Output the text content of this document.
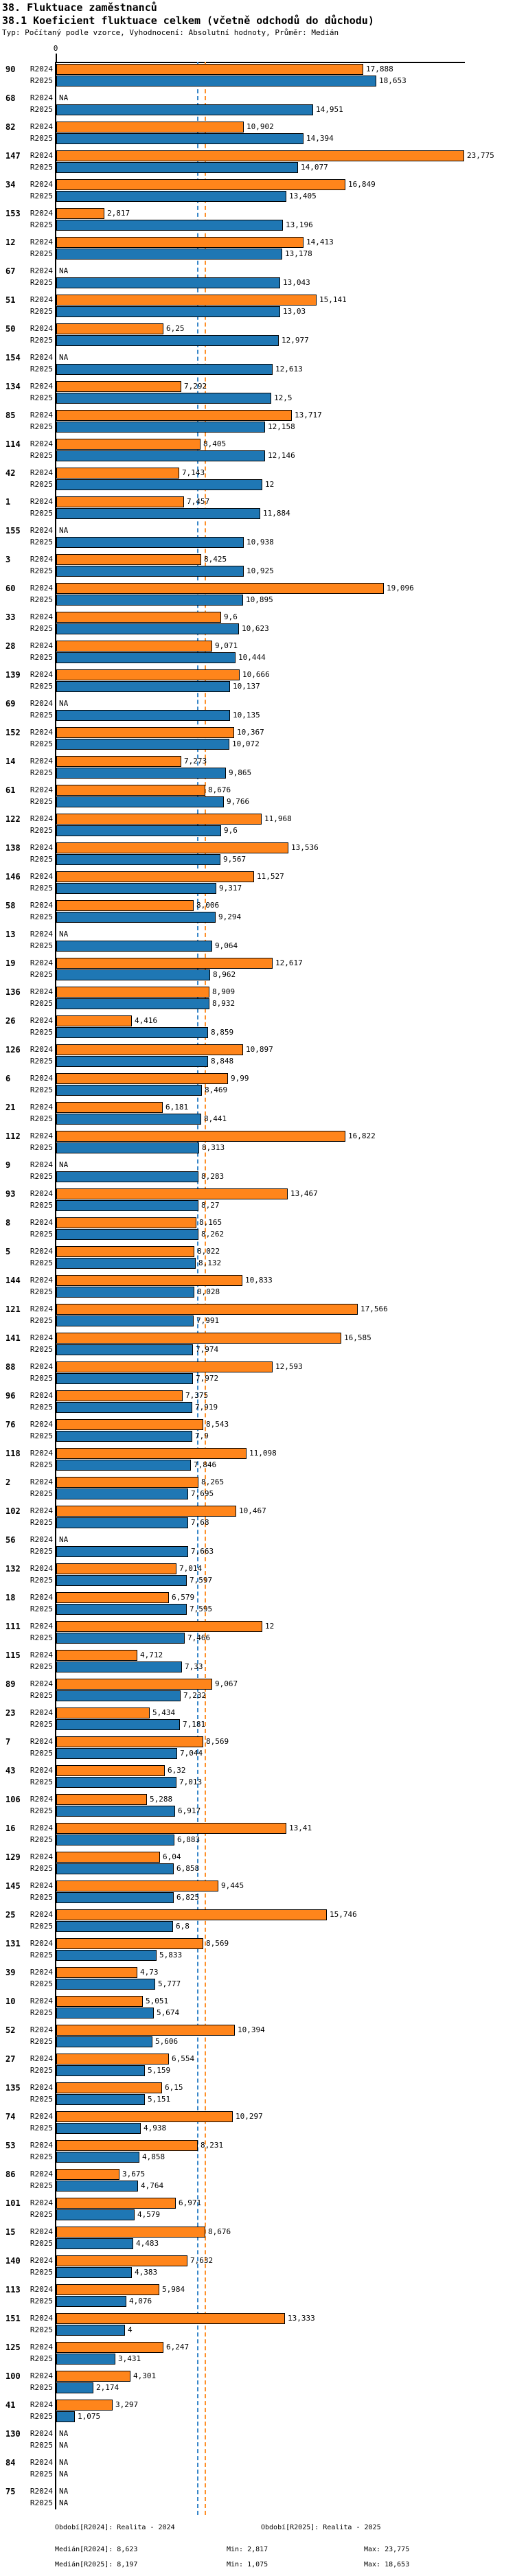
38. Fluktuace zaměstnanců
38.1 Koeficient fluktuace celkem (včetně odchodů do důchodu)
Typ: Počítaný podle vzorce, Vyhodnocení: Absolutní hodnoty, Průměr: Medián
0
90	R2024	17,888
R2025	18,653
68	R2024 NA
R2025	14,951
82	R2024	10,902
R2025	14,394
147	R2024	23,775
R2025	14,077
34	R2024	16,849
R2025	13,405
153	R2024	2,817
R2025	13,196
12	R2024	14,413
R2025	13,178
67	R2024 NA
R2025	13,043
51	R2024	15,141
R2025	13,03
50	R2024	6,25
R2025	12,977
154	R2024 NA
R2025	12,613
134	R2024	7,292
R2025	12,5
85	R2024	13,717
R2025	12,158
114	R2024	8,405
R2025	12,146
42	R2024	7,143
R2025	12
1	R2024	7,457
R2025	11,884
155	R2024 NA
R2025	10,938
3	R2024	8,425
R2025	10,925
60	R2024	19,096
R2025	10,895
33	R2024	9,6
R2025	10,623
28	R2024	9,071
R2025	10,444
139	R2024	10,666
R2025	10,137
69	R2024 NA
R2025	10,135
152	R2024	10,367
R2025	10,072
14	R2024	7,273
R2025	9,865
61	R2024	8,676
R2025	9,766
122	R2024	11,968
R2025	9,6
138	R2024	13,536
R2025	9,567
146	R2024	11,527
R2025	9,317
58	R2024	8,006
R2025	9,294
13	R2024 NA
R2025	9,064
19	R2024	12,617
R2025	8,962
136	R2024	8,909
R2025	8,932
26	R2024	4,416
R2025	8,859
126	R2024	10,897
R2025	8,848
6	R2024	9,99
R2025	8,469
21	R2024	6,181
R2025	8,441
112	R2024	16,822
R2025	8,313
9	R2024 NA
R2025	8,283
93	R2024	13,467
R2025	8,27
8	R2024	8,165
R2025	8,262
5	R2024	8,022
R2025	8,132
144	R2024	10,833
R2025	8,028
121	R2024	17,566
R2025	7,991
141	R2024	16,585
R2025	7,974
88	R2024	12,593
R2025	7,972
96	R2024	7,375
R2025	7,919
76	R2024	8,543
R2025	7,9
118	R2024	11,098
R2025	7,846
2	R2024	8,265
R2025	7,695
102	R2024	10,467
R2025	7,68
56	R2024 NA
R2025	7,663
132	R2024	7,014
R2025	7,597
18	R2024	6,579
R2025	7,595
111	R2024	12
R2025	7,466
115	R2024	4,712
R2025	7,33
89	R2024	9,067
R2025	7,232
23	R2024	5,434
R2025	7,181
7	R2024	8,569
R2025	7,044
43	R2024	6,32
R2025	7,013
106	R2024	5,288
R2025	6,917
16	R2024	13,41
R2025	6,883
129	R2024	6,04
R2025	6,858
145	R2024	9,445
R2025	6,825
25	R2024	15,746
R2025	6,8
131	R2024	8,569
R2025	5,833
39	R2024	4,73
R2025	5,777
10	R2024	5,051
R2025	5,674
52	R2024	10,394
R2025	5,606
27	R2024	6,554
R2025	5,159
135	R2024	6,15
R2025	5,151
74	R2024	10,297
R2025	4,938
53	R2024	8,231
R2025	4,858
86	R2024	3,675
R2025	4,764
101	R2024	6,971
R2025	4,579
15	R2024	8,676
R2025	4,483
140	R2024	7,632
R2025	4,383
113	R2024	5,984
R2025	4,076
151	R2024	13,333
R2025	4
125	R2024	6,247
R2025	3,431
100	R2024	4,301
R2025	2,174
41	R2024	3,297
R2025	1,075
130	R2024 NA
R2025 NA
84	R2024 NA
R2025 NA
75	R2024 NA
R2025 NA
Období[R2024]: Realita - 2024	Období[R2025]: Realita - 2025
Medián[R2024]: 8,623	Min: 2,817	Max: 23,775
Medián[R2025]: 8,197	Min: 1,075	Max: 18,653
